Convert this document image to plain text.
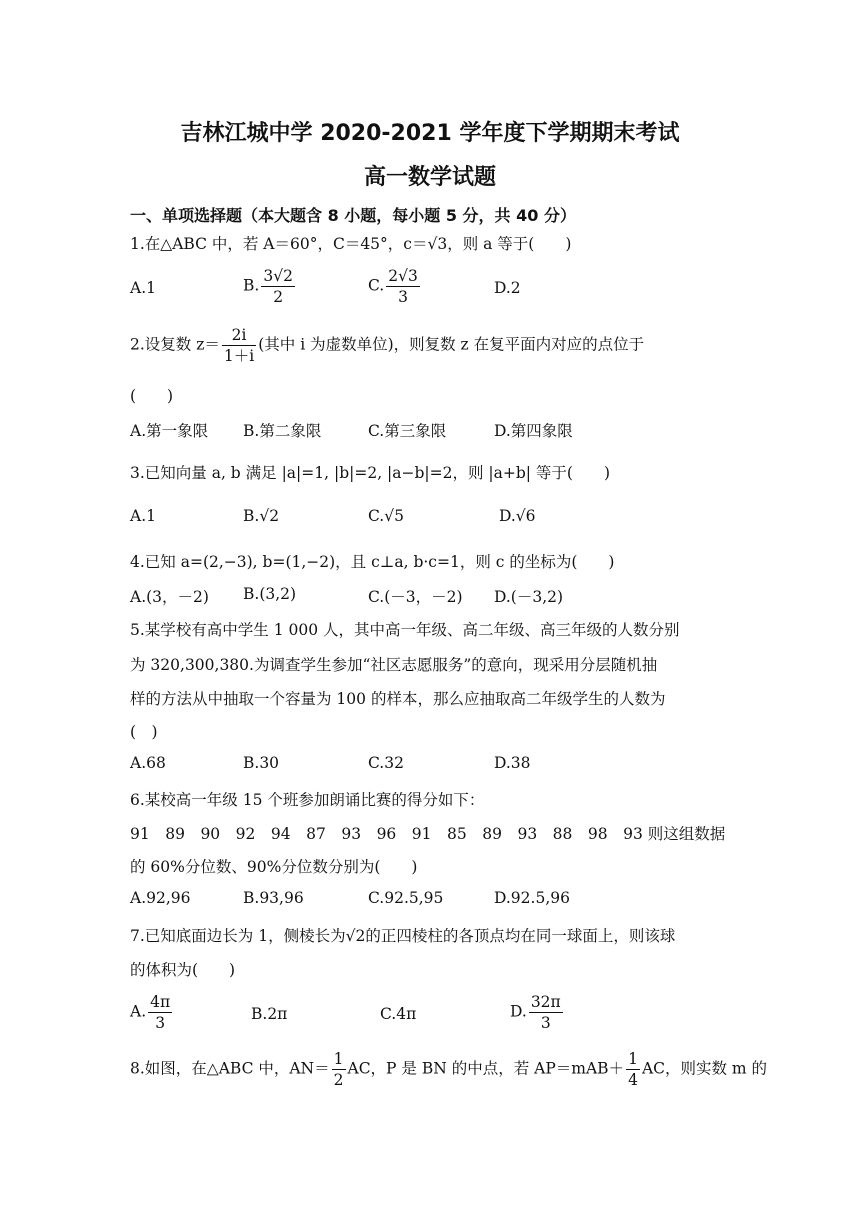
吉林江城中学 2020-2021 学年度下学期期末考试
高一数学试题
一、单项选择题（本大题含 8 小题，每小题 5 分，共 40 分）
1.在△ABC 中，若 A＝60°，C＝45°，c＝√3，则 a 等于(　　)
A.1	B. $\frac{3√2}{2}$	C. $\frac{2√3}{3}$	D.2
2.设复数 $z= \frac{2i}{1+i}$ (其中 i 为虚数单位)，则复数 z 在复平面内对应的点位于
(　　)
A.第一象限 B.第二象限	C.第三象限	D.第四象限
3.已知向量 a, b 满足 |a|=1, |b|=2, |a−b|=2，则 |a+b| 等于(　　)
A.1	B.√2	C.√5	D.√6
4.已知 a=(2,−3), b=(1,−2)，且 c⊥a, b·c=1，则 c 的坐标为(　　)
A.(3，－2) B.(3,2)	C.(－3，－2) D.(－3,2)
5.某学校有高中学生 1 000 人，其中高一年级、高二年级、高三年级的人数分别
为 320,300,380.为调查学生参加“社区志愿服务”的意向，现采用分层随机抽
样的方法从中抽取一个容量为 100 的样本，那么应抽取高二年级学生的人数为
(　)
A.68	B.30	C.32	D.38
6.某校高一年级 15 个班参加朗诵比赛的得分如下：
91　89　90　92　94　87　93　96　91　85　89　93　88　98　93 则这组数据
的 60%分位数、90%分位数分别为(　　)
A.92,96	B.93,96	C.92.5,95	D.92.5,96
7.已知底面边长为 1，侧棱长为√2的正四棱柱的各顶点均在同一球面上，则该球
的体积为(　　)
A. $\frac{4\pi}{3}$	B.2π	C.4π	D. $\frac{32\pi}{3}$
8.如图，在△ABC 中，$AN= \frac{1}{2}$ AC，P 是 BN 的中点，若 $AP=mAB+ \frac{1}{4}$ AC，则实数 m 的
